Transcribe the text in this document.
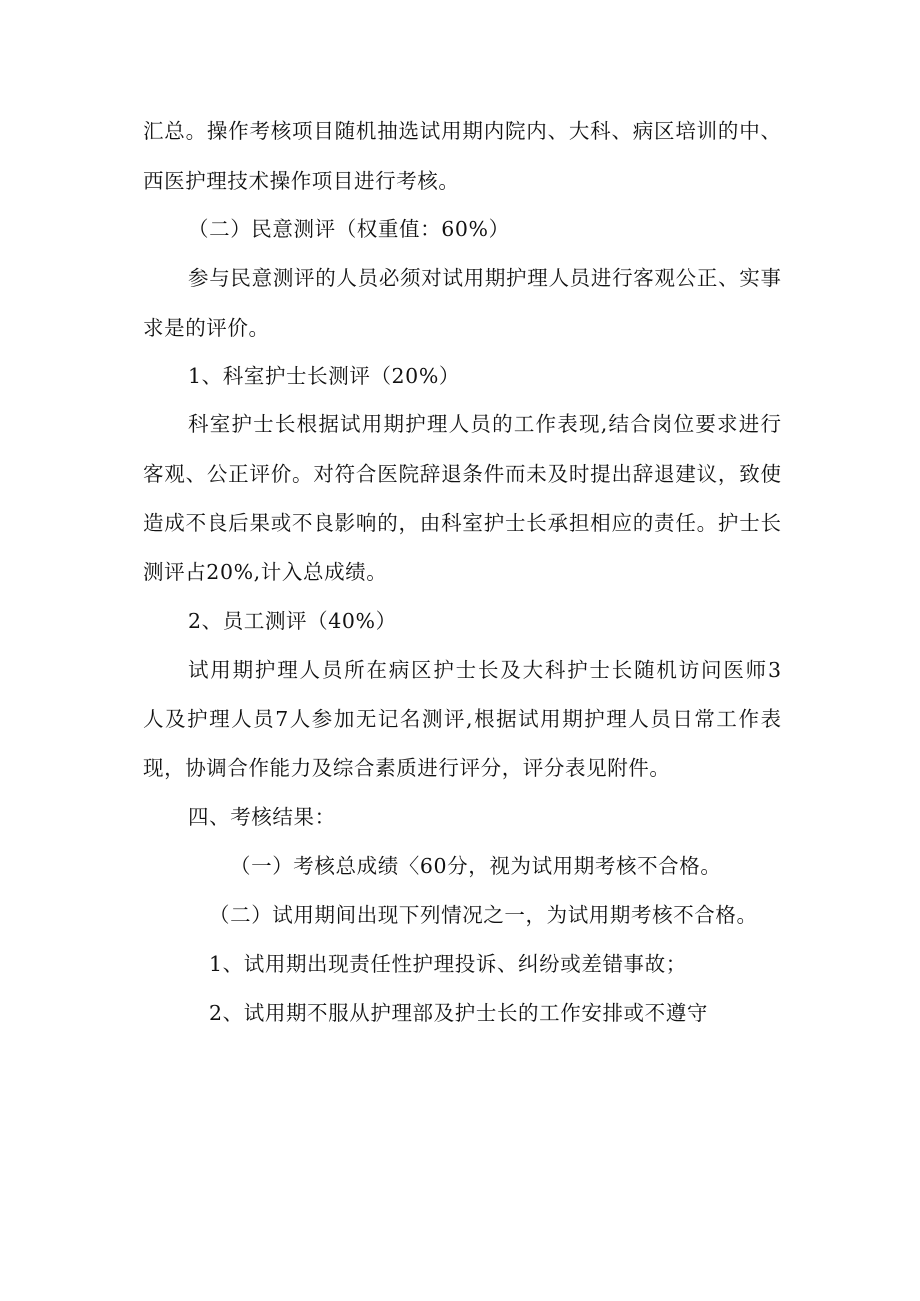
汇总。操作考核项目随机抽选试用期内院内、大科、病区培训的中、
西医护理技术操作项目进行考核。
（二）民意测评（权重值：60%）
参与民意测评的人员必须对试用期护理人员进行客观公正、实事
求是的评价。
1、科室护士长测评（20%）
科室护士长根据试用期护理人员的工作表现,结合岗位要求进行
客观、公正评价。对符合医院辞退条件而未及时提出辞退建议，致使
造成不良后果或不良影响的，由科室护士长承担相应的责任。护士长
测评占20%,计入总成绩。
2、员工测评（40%）
试用期护理人员所在病区护士长及大科护士长随机访问医师3
人及护理人员7人参加无记名测评,根据试用期护理人员日常工作表
现，协调合作能力及综合素质进行评分，评分表见附件。
四、考核结果：
（一）考核总成绩〈60分，视为试用期考核不合格。
（二）试用期间出现下列情况之一，为试用期考核不合格。
1、试用期出现责任性护理投诉、纠纷或差错事故；
2、试用期不服从护理部及护士长的工作安排或不遵守
